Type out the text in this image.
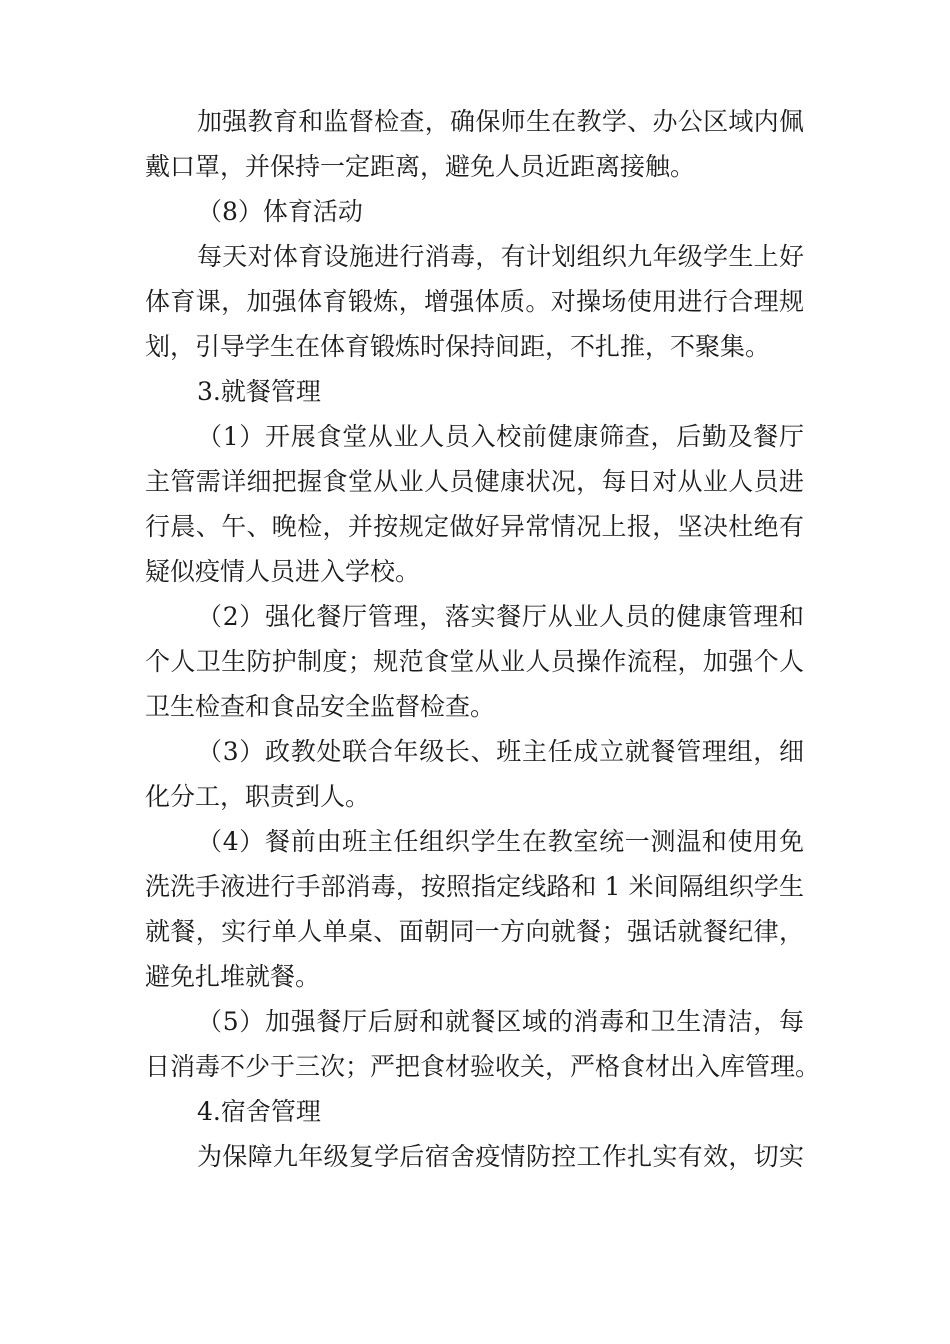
加强教育和监督检查，确保师生在教学、办公区域内佩
戴口罩，并保持一定距离，避免人员近距离接触。
（8）体育活动
每天对体育设施进行消毒，有计划组织九年级学生上好
体育课，加强体育锻炼，增强体质。对操场使用进行合理规
划，引导学生在体育锻炼时保持间距，不扎推，不聚集。
3.就餐管理
（1）开展食堂从业人员入校前健康筛查，后勤及餐厅
主管需详细把握食堂从业人员健康状况，每日对从业人员进
行晨、午、晚检，并按规定做好异常情况上报，坚决杜绝有
疑似疫情人员进入学校。
（2）强化餐厅管理，落实餐厅从业人员的健康管理和
个人卫生防护制度；规范食堂从业人员操作流程，加强个人
卫生检查和食品安全监督检查。
（3）政教处联合年级长、班主任成立就餐管理组，细
化分工，职责到人。
（4）餐前由班主任组织学生在教室统一测温和使用免
洗洗手液进行手部消毒，按照指定线路和 1 米间隔组织学生
就餐，实行单人单桌、面朝同一方向就餐；强话就餐纪律，
避免扎堆就餐。
（5）加强餐厅后厨和就餐区域的消毒和卫生清洁，每
日消毒不少于三次；严把食材验收关，严格食材出入库管理。
4.宿舍管理
为保障九年级复学后宿舍疫情防控工作扎实有效，切实
